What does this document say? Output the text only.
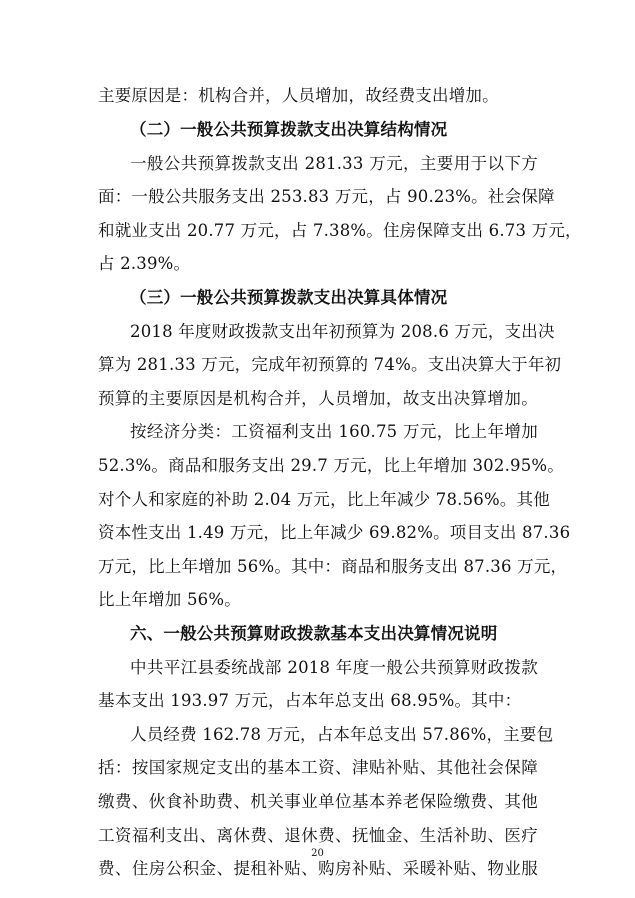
主要原因是：机构合并，人员增加，故经费支出增加。
（二）一般公共预算拨款支出决算结构情况
一般公共预算拨款支出 281.33 万元，主要用于以下方
面：一般公共服务支出 253.83 万元，占 90.23%。社会保障
和就业支出 20.77 万元，占 7.38%。住房保障支出 6.73 万元，
占 2.39%。
（三）一般公共预算拨款支出决算具体情况
2018 年度财政拨款支出年初预算为 208.6 万元，支出决
算为 281.33 万元，完成年初预算的 74%。支出决算大于年初
预算的主要原因是机构合并，人员增加，故支出决算增加。
按经济分类：工资福利支出 160.75 万元，比上年增加
52.3%。商品和服务支出 29.7 万元，比上年增加 302.95%。
对个人和家庭的补助 2.04 万元，比上年减少 78.56%。其他
资本性支出 1.49 万元，比上年减少 69.82%。项目支出 87.36
万元，比上年增加 56%。其中：商品和服务支出 87.36 万元，
比上年增加 56%。
六、一般公共预算财政拨款基本支出决算情况说明
中共平江县委统战部 2018 年度一般公共预算财政拨款
基本支出 193.97 万元，占本年总支出 68.95%。其中：
人员经费 162.78 万元，占本年总支出 57.86%，主要包
括：按国家规定支出的基本工资、津贴补贴、其他社会保障
缴费、伙食补助费、机关事业单位基本养老保险缴费、其他
工资福利支出、离休费、退休费、抚恤金、生活补助、医疗
费、住房公积金、提租补贴、购房补贴、采暖补贴、物业服
20
